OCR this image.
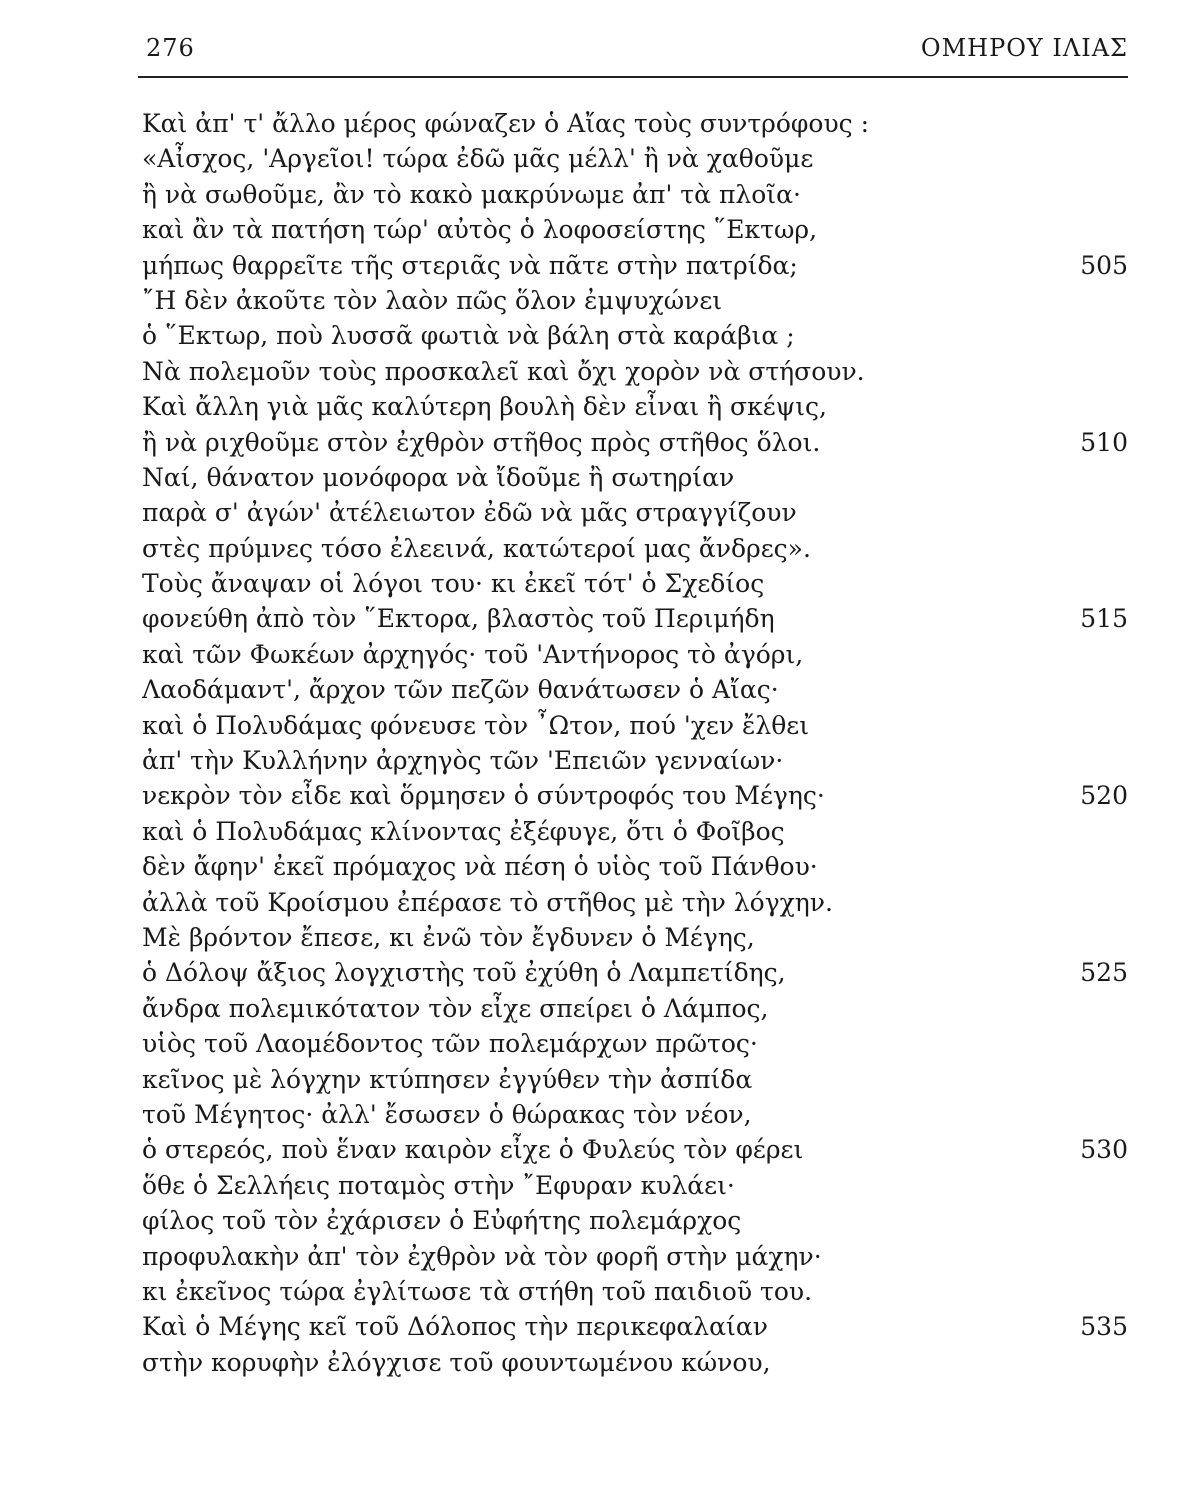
276	ΟΜΗΡΟΥ ΙΛΙΑΣ
Καὶ ἀπ' τ' ἄλλο μέρος φώναζεν ὁ Αἴας τοὺς συντρόφους :
«Αἶσχος, 'Αργεῖοι! τώρα ἐδῶ μᾶς μέλλ' ἢ νὰ χαθοῦμε
ἢ νὰ σωθοῦμε, ἂν τὸ κακὸ μακρύνωμε ἀπ' τὰ πλοῖα·
καὶ ἂν τὰ πατήση τώρ' αὐτὸς ὁ λοφοσείστης ῞Εκτωρ,
μήπως θαρρεῖτε τῆς στεριᾶς νὰ πᾶτε στὴν πατρίδα;	505
῎Η δὲν ἀκοῦτε τὸν λαὸν πῶς ὅλον ἐμψυχώνει
ὁ ῞Εκτωρ, ποὺ λυσσᾶ φωτιὰ νὰ βάλη στὰ καράβια ;
Νὰ πολεμοῦν τοὺς προσκαλεῖ καὶ ὄχι χορὸν νὰ στήσουν.
Καὶ ἄλλη γιὰ μᾶς καλύτερη βουλὴ δὲν εἶναι ἢ σκέψις,
ἢ νὰ ριχθοῦμε στὸν ἐχθρὸν στῆθος πρὸς στῆθος ὅλοι.	510
Ναί, θάνατον μονόφορα νὰ ἴδοῦμε ἢ σωτηρίαν
παρὰ σ' ἀγών' ἀτέλειωτον ἐδῶ νὰ μᾶς στραγγίζουν
στὲς πρύμνες τόσο ἐλεεινά, κατώτεροί μας ἄνδρες».
Τοὺς ἄναψαν οἱ λόγοι του· κι ἐκεῖ τότ' ὁ Σχεδίος
φονεύθη ἀπὸ τὸν ῞Εκτορα, βλαστὸς τοῦ Περιμήδη	515
καὶ τῶν Φωκέων ἀρχηγός· τοῦ 'Αντήνορος τὸ ἀγόρι,
Λαοδάμαντ', ἄρχον τῶν πεζῶν θανάτωσεν ὁ Αἴας·
καὶ ὁ Πολυδάμας φόνευσε τὸν ῏Ωτον, πού 'χεν ἔλθει
ἀπ' τὴν Κυλλήνην ἀρχηγὸς τῶν 'Επειῶν γενναίων·
νεκρὸν τὸν εἶδε καὶ ὅρμησεν ὁ σύντροφός του Μέγης·	520
καὶ ὁ Πολυδάμας κλίνοντας ἐξέφυγε, ὅτι ὁ Φοῖβος
δὲν ἄφην' ἐκεῖ πρόμαχος νὰ πέση ὁ υἱὸς τοῦ Πάνθου·
ἀλλὰ τοῦ Κροίσμου ἐπέρασε τὸ στῆθος μὲ τὴν λόγχην.
Μὲ βρόντον ἔπεσε, κι ἐνῶ τὸν ἔγδυνεν ὁ Μέγης,
ὁ Δόλοψ ἄξιος λογχιστὴς τοῦ ἐχύθη ὁ Λαμπετίδης,	525
ἄνδρα πολεμικότατον τὸν εἶχε σπείρει ὁ Λάμπος,
υἱὸς τοῦ Λαομέδοντος τῶν πολεμάρχων πρῶτος·
κεῖνος μὲ λόγχην κτύπησεν ἐγγύθεν τὴν ἀσπίδα
τοῦ Μέγητος· ἀλλ' ἔσωσεν ὁ θώρακας τὸν νέον,
ὁ στερεός, ποὺ ἕναν καιρὸν εἶχε ὁ Φυλεύς τὸν φέρει	530
ὅθε ὁ Σελλήεις ποταμὸς στὴν ῎Εφυραν κυλάει·
φίλος τοῦ τὸν ἐχάρισεν ὁ Εὐφήτης πολεμάρχος
προφυλακὴν ἀπ' τὸν ἐχθρὸν νὰ τὸν φορῆ στὴν μάχην·
κι ἐκεῖνος τώρα ἐγλίτωσε τὰ στήθη τοῦ παιδιοῦ του.
Καὶ ὁ Μέγης κεῖ τοῦ Δόλοπος τὴν περικεφαλαίαν	535
στὴν κορυφὴν ἐλόγχισε τοῦ φουντωμένου κώνου,
